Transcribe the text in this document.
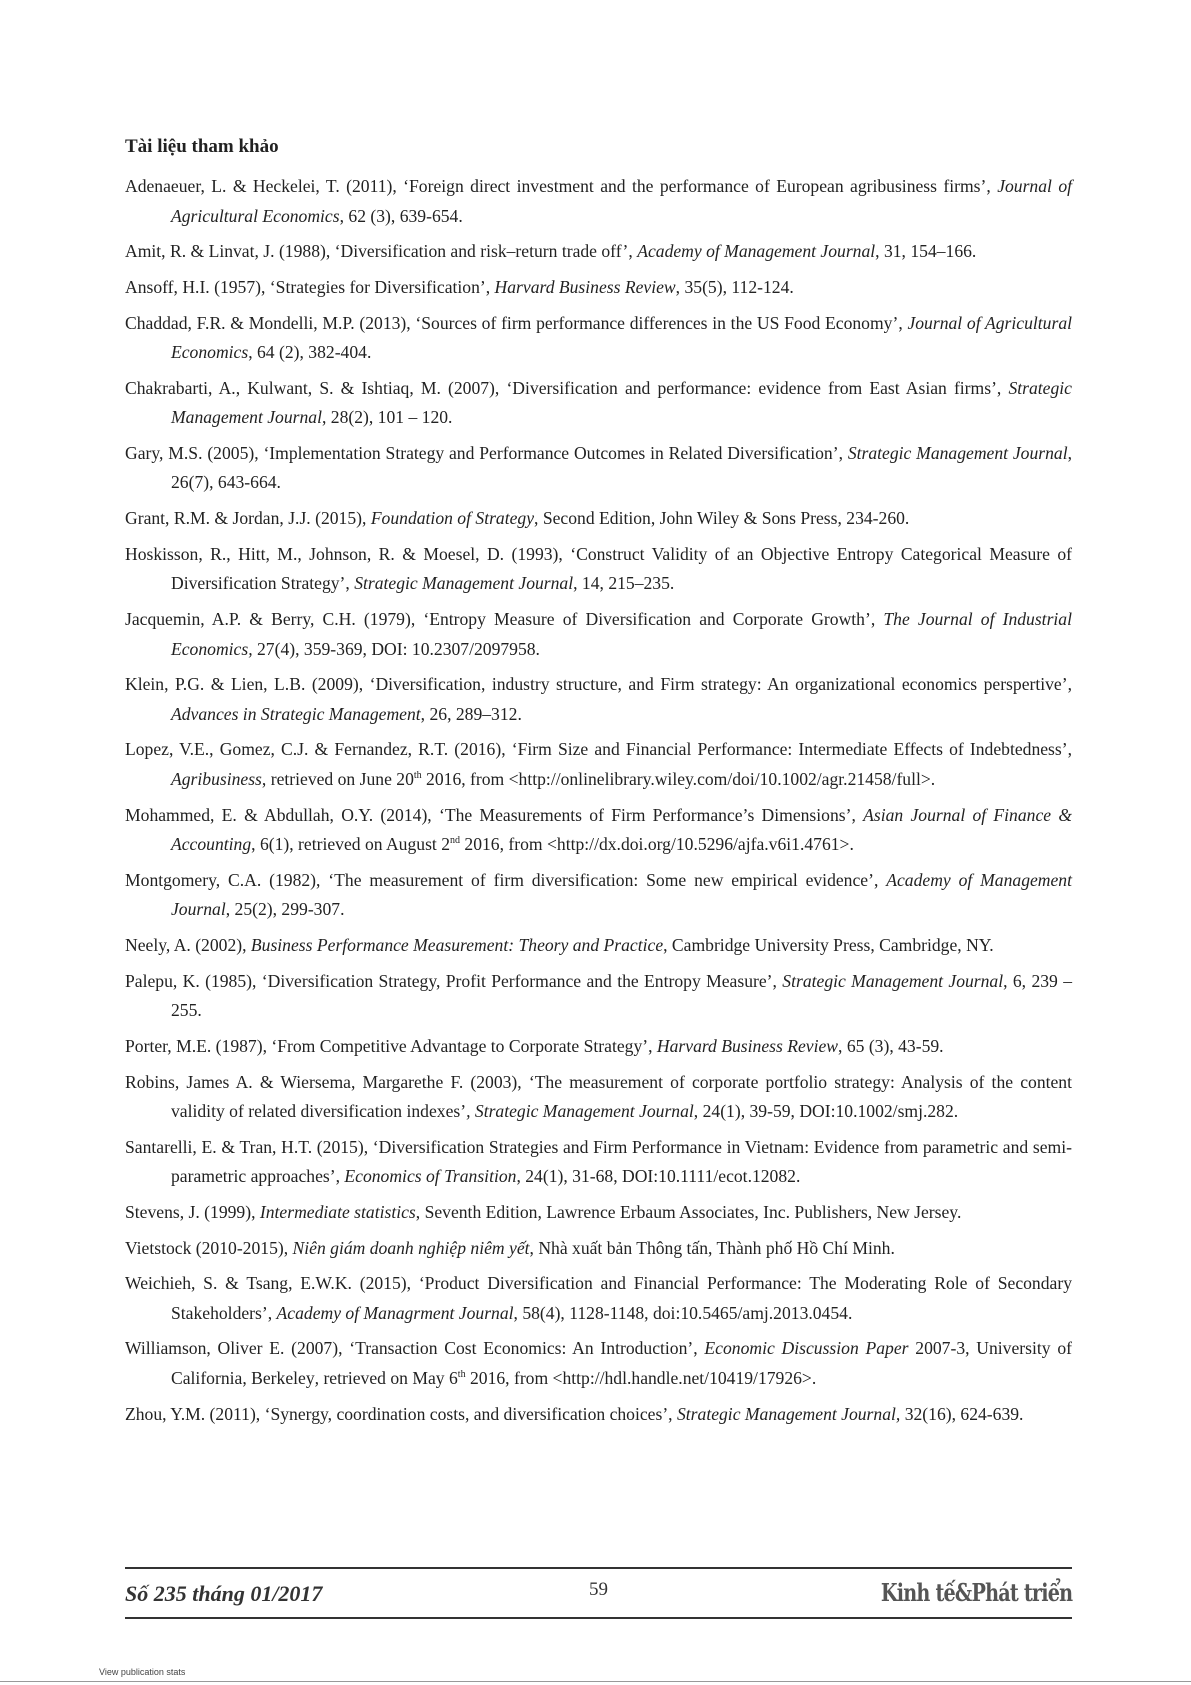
Tài liệu tham khảo
Adenaeuer, L. & Heckelei, T. (2011), ‘Foreign direct investment and the performance of European agribusiness firms’, Journal of Agricultural Economics, 62 (3), 639-654.
Amit, R. & Linvat, J. (1988), ‘Diversification and risk–return trade off’, Academy of Management Journal, 31, 154–166.
Ansoff, H.I. (1957), ‘Strategies for Diversification’, Harvard Business Review, 35(5), 112-124.
Chaddad, F.R. & Mondelli, M.P. (2013), ‘Sources of firm performance differences in the US Food Economy’, Journal of Agricultural Economics, 64 (2), 382-404.
Chakrabarti, A., Kulwant, S. & Ishtiaq, M. (2007), ‘Diversification and performance: evidence from East Asian firms’, Strategic Management Journal, 28(2), 101 – 120.
Gary, M.S. (2005), ‘Implementation Strategy and Performance Outcomes in Related Diversification’, Strategic Management Journal, 26(7), 643-664.
Grant, R.M. & Jordan, J.J. (2015), Foundation of Strategy, Second Edition, John Wiley & Sons Press, 234-260.
Hoskisson, R., Hitt, M., Johnson, R. & Moesel, D. (1993), ‘Construct Validity of an Objective Entropy Categorical Measure of Diversification Strategy’, Strategic Management Journal, 14, 215–235.
Jacquemin, A.P. & Berry, C.H. (1979), ‘Entropy Measure of Diversification and Corporate Growth’, The Journal of Industrial Economics, 27(4), 359-369, DOI: 10.2307/2097958.
Klein, P.G. & Lien, L.B. (2009), ‘Diversification, industry structure, and Firm strategy: An organizational economics perspertive’, Advances in Strategic Management, 26, 289–312.
Lopez, V.E., Gomez, C.J. & Fernandez, R.T. (2016), ‘Firm Size and Financial Performance: Intermediate Effects of Indebtedness’, Agribusiness, retrieved on June 20th 2016, from <http://onlinelibrary.wiley.com/doi/10.1002/agr.21458/full>.
Mohammed, E. & Abdullah, O.Y. (2014), ‘The Measurements of Firm Performance’s Dimensions’, Asian Journal of Finance & Accounting, 6(1), retrieved on August 2nd 2016, from <http://dx.doi.org/10.5296/ajfa.v6i1.4761>.
Montgomery, C.A. (1982), ‘The measurement of firm diversification: Some new empirical evidence’, Academy of Management Journal, 25(2), 299-307.
Neely, A. (2002), Business Performance Measurement: Theory and Practice, Cambridge University Press, Cambridge, NY.
Palepu, K. (1985), ‘Diversification Strategy, Profit Performance and the Entropy Measure’, Strategic Management Journal, 6, 239 – 255.
Porter, M.E. (1987), ‘From Competitive Advantage to Corporate Strategy’, Harvard Business Review, 65 (3), 43-59.
Robins, James A. & Wiersema, Margarethe F. (2003), ‘The measurement of corporate portfolio strategy: Analysis of the content validity of related diversification indexes’, Strategic Management Journal, 24(1), 39-59, DOI:10.1002/smj.282.
Santarelli, E. & Tran, H.T. (2015), ‘Diversification Strategies and Firm Performance in Vietnam: Evidence from parametric and semi-parametric approaches’, Economics of Transition, 24(1), 31-68, DOI:10.1111/ecot.12082.
Stevens, J. (1999), Intermediate statistics, Seventh Edition, Lawrence Erbaum Associates, Inc. Publishers, New Jersey.
Vietstock (2010-2015), Niên giám doanh nghiệp niêm yết, Nhà xuất bản Thông tấn, Thành phố Hồ Chí Minh.
Weichieh, S. & Tsang, E.W.K. (2015), ‘Product Diversification and Financial Performance: The Moderating Role of Secondary Stakeholders’, Academy of Managrment Journal, 58(4), 1128-1148, doi:10.5465/amj.2013.0454.
Williamson, Oliver E. (2007), ‘Transaction Cost Economics: An Introduction’, Economic Discussion Paper 2007-3, University of California, Berkeley, retrieved on May 6th 2016, from <http://hdl.handle.net/10419/17926>.
Zhou, Y.M. (2011), ‘Synergy, coordination costs, and diversification choices’, Strategic Management Journal, 32(16), 624-639.
Số 235 tháng 01/2017	59	Kinh tế&Phát triển
View publication stats
